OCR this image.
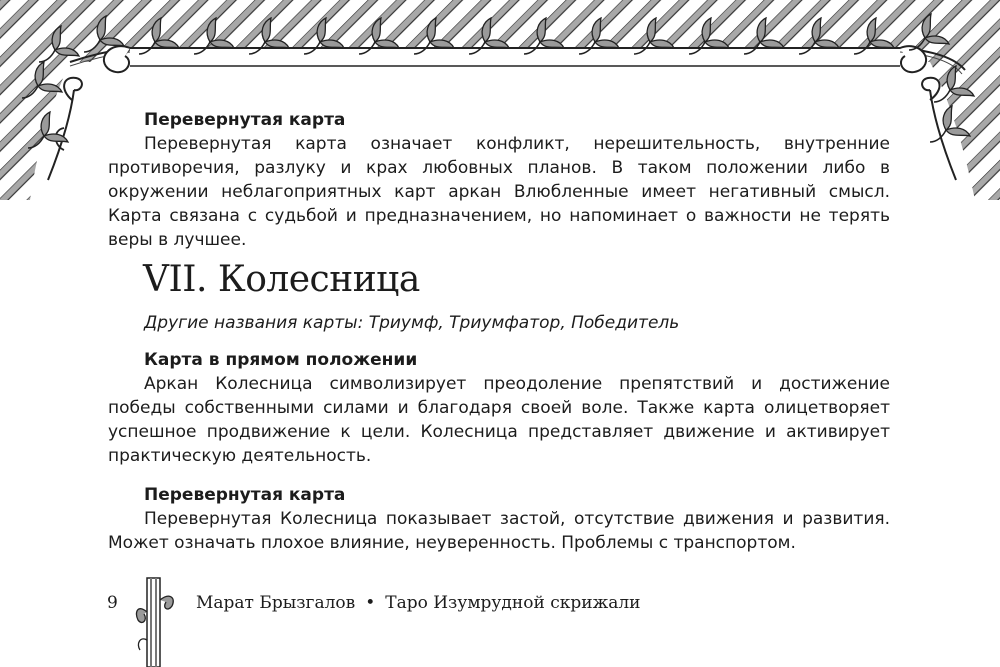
Перевернутая карта

Перевернутая карта означает конфликт, нерешительность, внутренние противоречия, разлуку и крах любовных планов. В таком положении либо в окружении неблагоприятных карт аркан Влюбленные имеет негативный смысл. Карта связана с судьбой и предназначением, но напоминает о важности не терять веры в лучшее.

VII. Колесница
Другие названия карты: Триумф, Триумфатор, Победитель
Карта в прямом положении

Аркан Колесница символизирует преодоление препятствий и достижение победы собственными силами и благодаря своей воле. Также карта олицетворяет успешное продвижение к цели. Колесница представляет движение и активирует практическую деятельность.

Перевернутая карта

Перевернутая Колесница показывает застой, отсутствие движения и развития. Может означать плохое влияние, неуверенность. Проблемы с транспортом.

9	Марат Брызгалов • Таро Изумрудной скрижали
